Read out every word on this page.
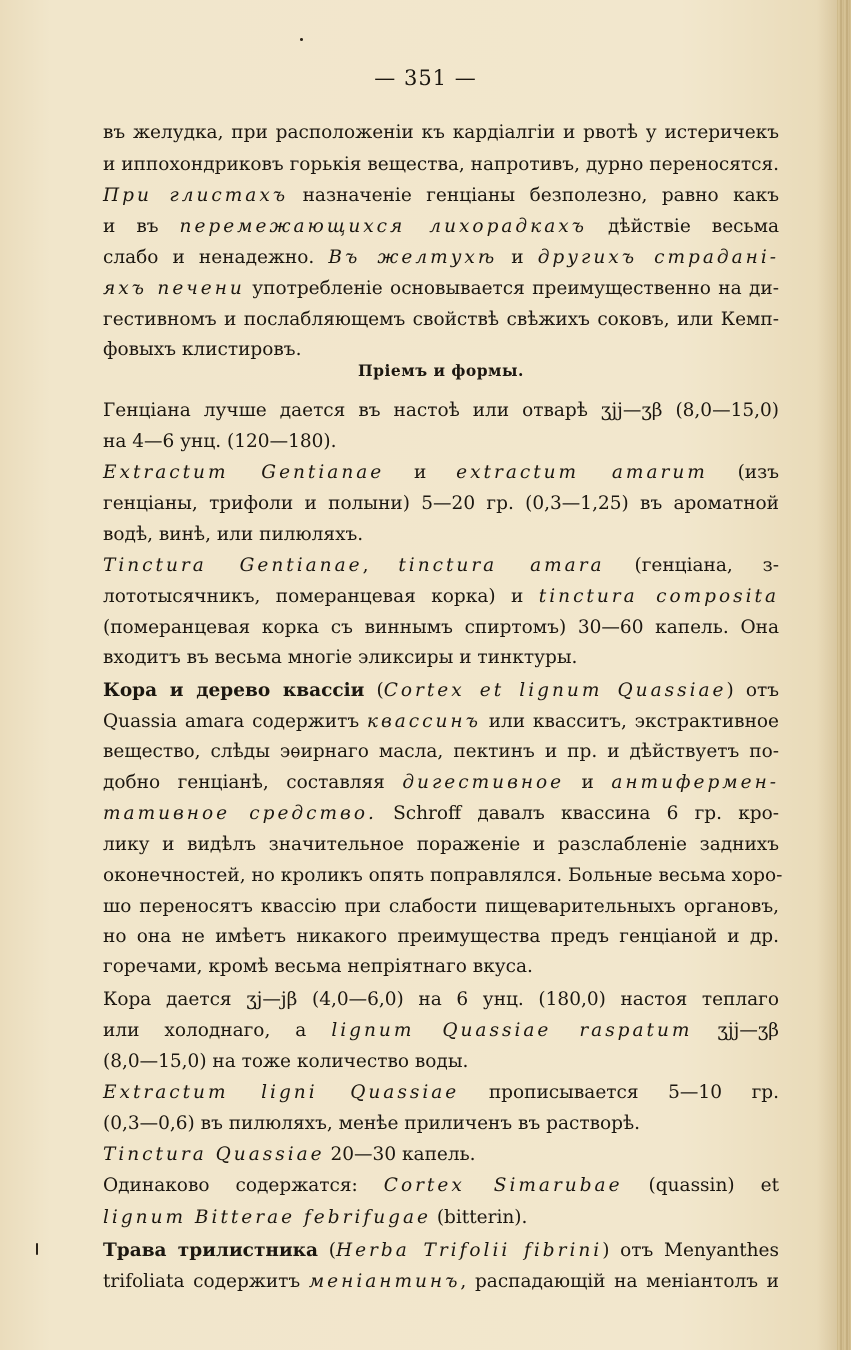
— 351 —
въ желудка, при расположеніи къ кардіалгіи и рвотѣ у истеричекъ
и иппохондриковъ горькія вещества, напротивъ, дурно переносятся.
При глистахъ назначеніе генціаны безполезно, равно какъ
и въ перемежающихся лихорадкахъ дѣйствіе весьма
слабо и ненадежно. Въ желтухѣ и другихъ страданi-
яхъ печени употребленіе основывается преимущественно на ди-
гестивномъ и послабляющемъ свойствѣ свѣжихъ соковъ, или Кемп-
фовыхъ клистировъ.
Пріемъ и формы.
Генціана лучше дается въ настоѣ или отварѣ ʒjj—ʒβ (8,0—15,0)
на 4—6 унц. (120—180).
Extractum Gentianae и extractum amarum (изъ
генціаны, трифоли и полыни) 5—20 гр. (0,3—1,25) въ ароматной
водѣ, винѣ, или пилюляхъ.
Tinctura Gentianae, tinctura amara (генціана, з-
лототысячникъ, померанцевая корка) и tinctura composita
(померанцевая корка съ виннымъ спиртомъ) 30—60 капель. Она
входитъ въ весьма многіе эликсиры и тинктуры.
Кора и дерево квассіи (Cortex et lignum Quassiae) отъ
Quassia amara содержитъ квассинъ или квасситъ, экстрактивное
вещество, слѣды эѳирнаго масла, пектинъ и пр. и дѣйствуетъ по-
добно генціанѣ, составляя дигестивное и антифермен-
тативное средство. Schroff давалъ квассина 6 гр. кро-
лику и видѣлъ значительное пораженіе и разслабленіе заднихъ
оконечностей, но кроликъ опять поправлялся. Больные весьма хоро-
шо переносятъ квассію при слабости пищеварительныхъ органовъ,
но она не имѣетъ никакого преимущества предъ генціаной и др.
горечами, кромѣ весьма непріятнаго вкуса.
Кора дается ʒj—jβ (4,0—6,0) на 6 унц. (180,0) настоя теплаго
или холоднаго, а lignum Quassiae raspatum ʒjj—ʒβ
(8,0—15,0) на тоже количество воды.
Extractum ligni Quassiae прописывается 5—10 гр.
(0,3—0,6) въ пилюляхъ, менѣе приличенъ въ растворѣ.
Tinctura Quassiae 20—30 капель.
Одинаково содержатся: Cortex Simarubae (quassin) et
lignum Bitterae febrifugae (bitterin).
Трава трилистника (Herba Trifolii fibrini) отъ Menyanthes
trifoliata содержитъ меніантинъ, распадающій на меніантолъ и
